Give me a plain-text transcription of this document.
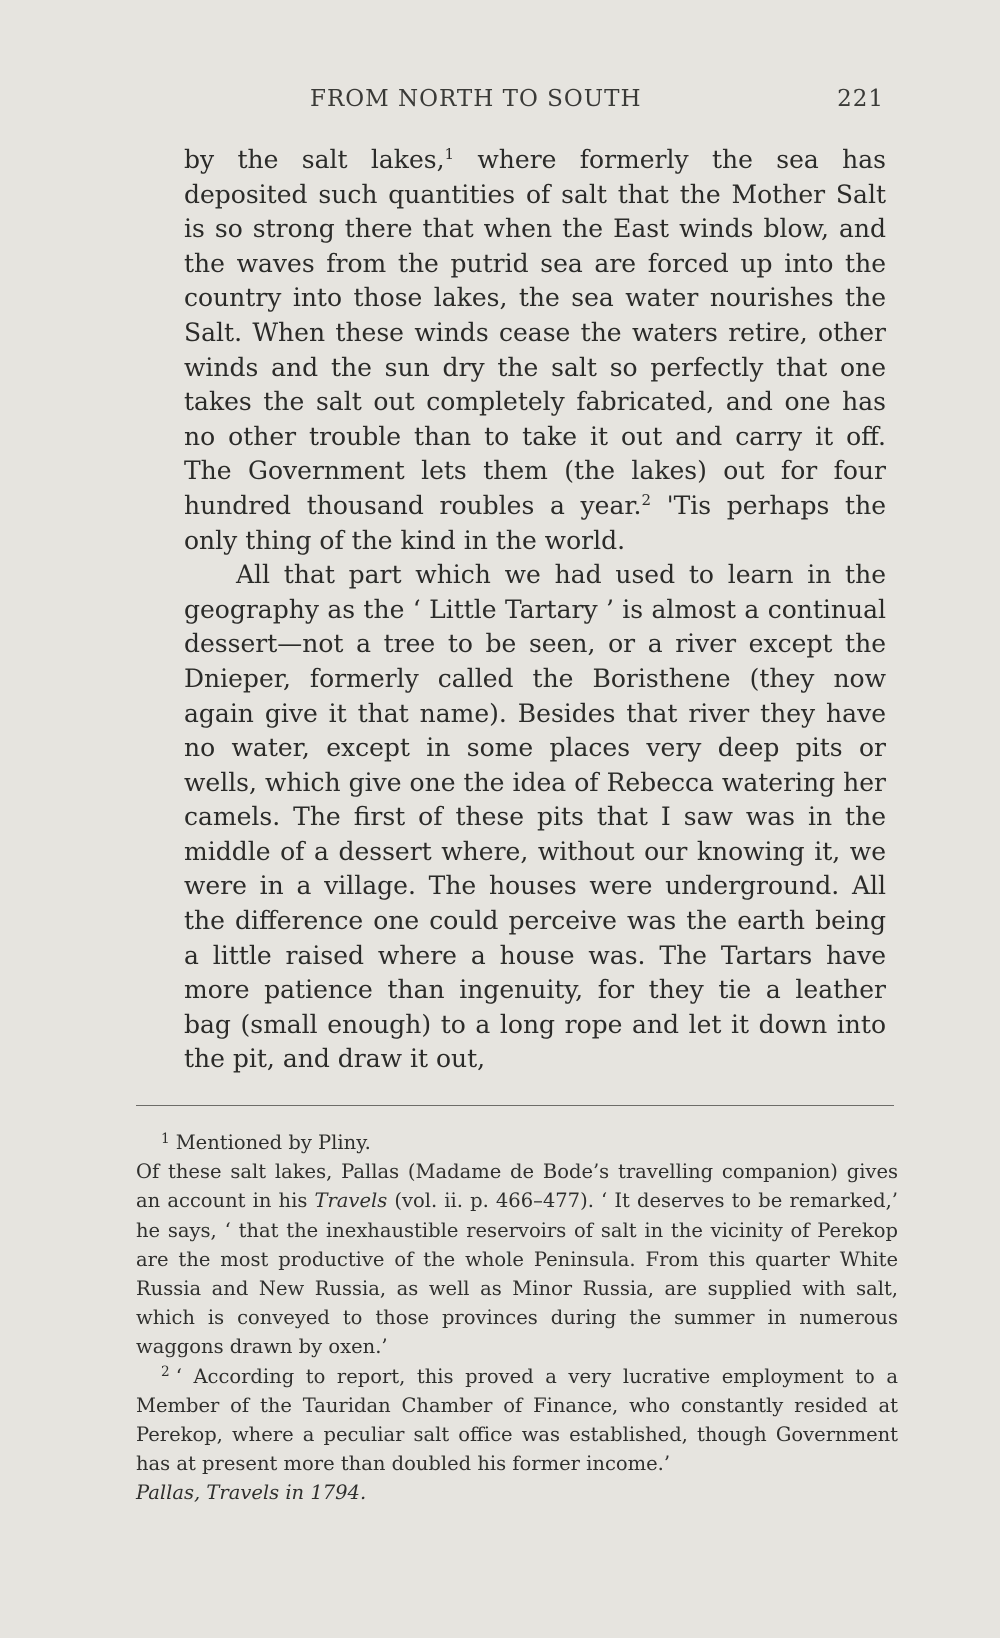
FROM NORTH TO SOUTH	221

by the salt lakes,$^1$ where formerly the sea has deposited such quantities of salt that the Mother Salt is so strong there that when the East winds blow, and the waves from the putrid sea are forced up into the country into those lakes, the sea water nourishes the Salt. When these winds cease the waters retire, other winds and the sun dry the salt so perfectly that one takes the salt out completely fabricated, and one has no other trouble than to take it out and carry it off. The Government lets them (the lakes) out for four hundred thousand roubles a year.$^2$ 'Tis perhaps the only thing of the kind in the world.

All that part which we had used to learn in the geography as the ‘ Little Tartary ’ is almost a continual dessert—not a tree to be seen, or a river except the Dnieper, formerly called the Boristhene (they now again give it that name). Besides that river they have no water, except in some places very deep pits or wells, which give one the idea of Rebecca watering her camels. The first of these pits that I saw was in the middle of a dessert where, without our knowing it, we were in a village. The houses were underground. All the difference one could perceive was the earth being a little raised where a house was. The Tartars have more patience than ingenuity, for they tie a leather bag (small enough) to a long rope and let it down into the pit, and draw it out,

$^1$ Mentioned by Pliny.

Of these salt lakes, Pallas (Madame de Bode’s travelling companion) gives an account in his Travels (vol. ii. p. 466–477). ‘ It deserves to be remarked,’ he says, ‘ that the inexhaustible reservoirs of salt in the vicinity of Perekop are the most productive of the whole Peninsula. From this quarter White Russia and New Russia, as well as Minor Russia, are supplied with salt, which is conveyed to those provinces during the summer in numerous waggons drawn by oxen.’

$^2$ ‘ According to report, this proved a very lucrative employment to a Member of the Tauridan Chamber of Finance, who constantly resided at Perekop, where a peculiar salt office was established, though Government has at present more than doubled his former income.’
Pallas, Travels in 1794.
